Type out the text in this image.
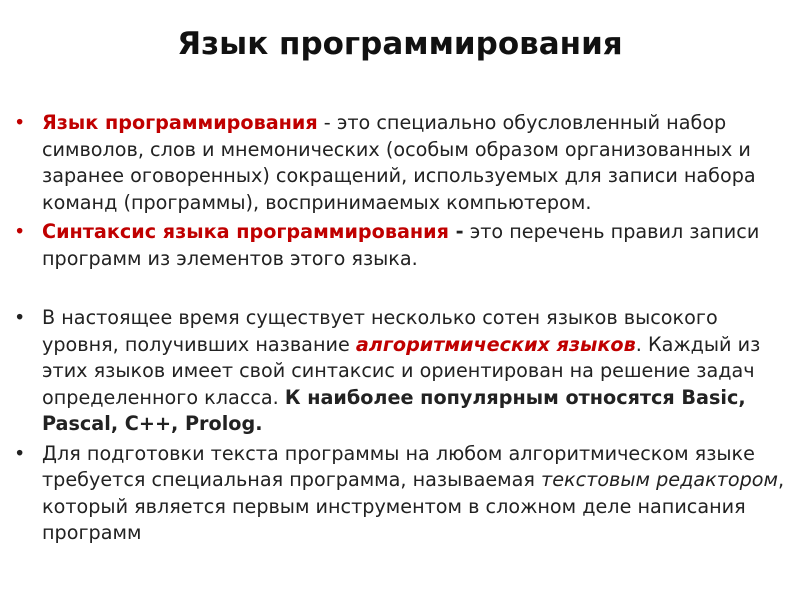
Язык программирования
• Язык программирования - это специально обусловленный набор символов, слов и мнемонических (особым образом организованных и заранее оговоренных) сокращений, используемых для записи набора команд (программы), воспринимаемых компьютером.
• Синтаксис языка программирования - это перечень правил записи программ из элементов этого языка.
• В настоящее время существует несколько сотен языков высокого уровня, получивших название алгоритмических языков. Каждый из этих языков имеет свой синтаксис и ориентирован на решение задач определенного класса. К наиболее популярным относятся Basic, Pascal, C++, Prolog.
• Для подготовки текста программы на любом алгоритмическом языке требуется специальная программа, называемая текстовым редактором, который является первым инструментом в сложном деле написания программ
